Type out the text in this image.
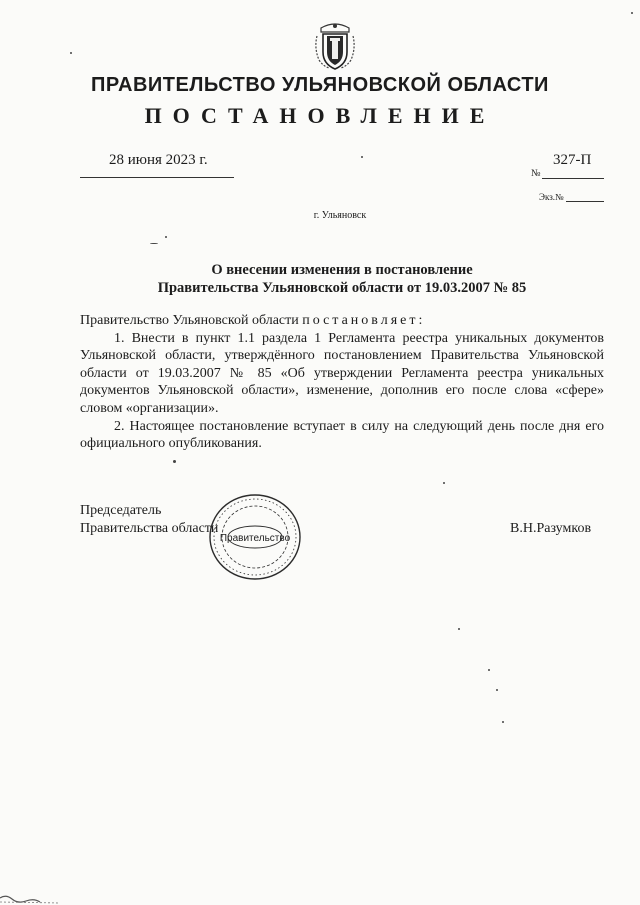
ПРАВИТЕЛЬСТВО УЛЬЯНОВСКОЙ ОБЛАСТИ
ПОСТАНОВЛЕНИЕ
28 июня 2023 г.	327-П
№
Экз.№
г. Ульяновск
О внесении изменения в постановление
Правительства Ульяновской области от 19.03.2007 № 85

Правительство Ульяновской области постановляет:

1. Внести в пункт 1.1 раздела 1 Регламента реестра уникальных документов Ульяновской области, утверждённого постановлением Правительства Ульяновской области от 19.03.2007 № 85 «Об утверждении Регламента реестра уникальных документов Ульяновской области», изменение, дополнив его после слова «сфере» словом «организации».

2. Настоящее постановление вступает в силу на следующий день после дня его официального опубликования.

Председатель
Правительства области	В.Н.Разумков
Правительство
